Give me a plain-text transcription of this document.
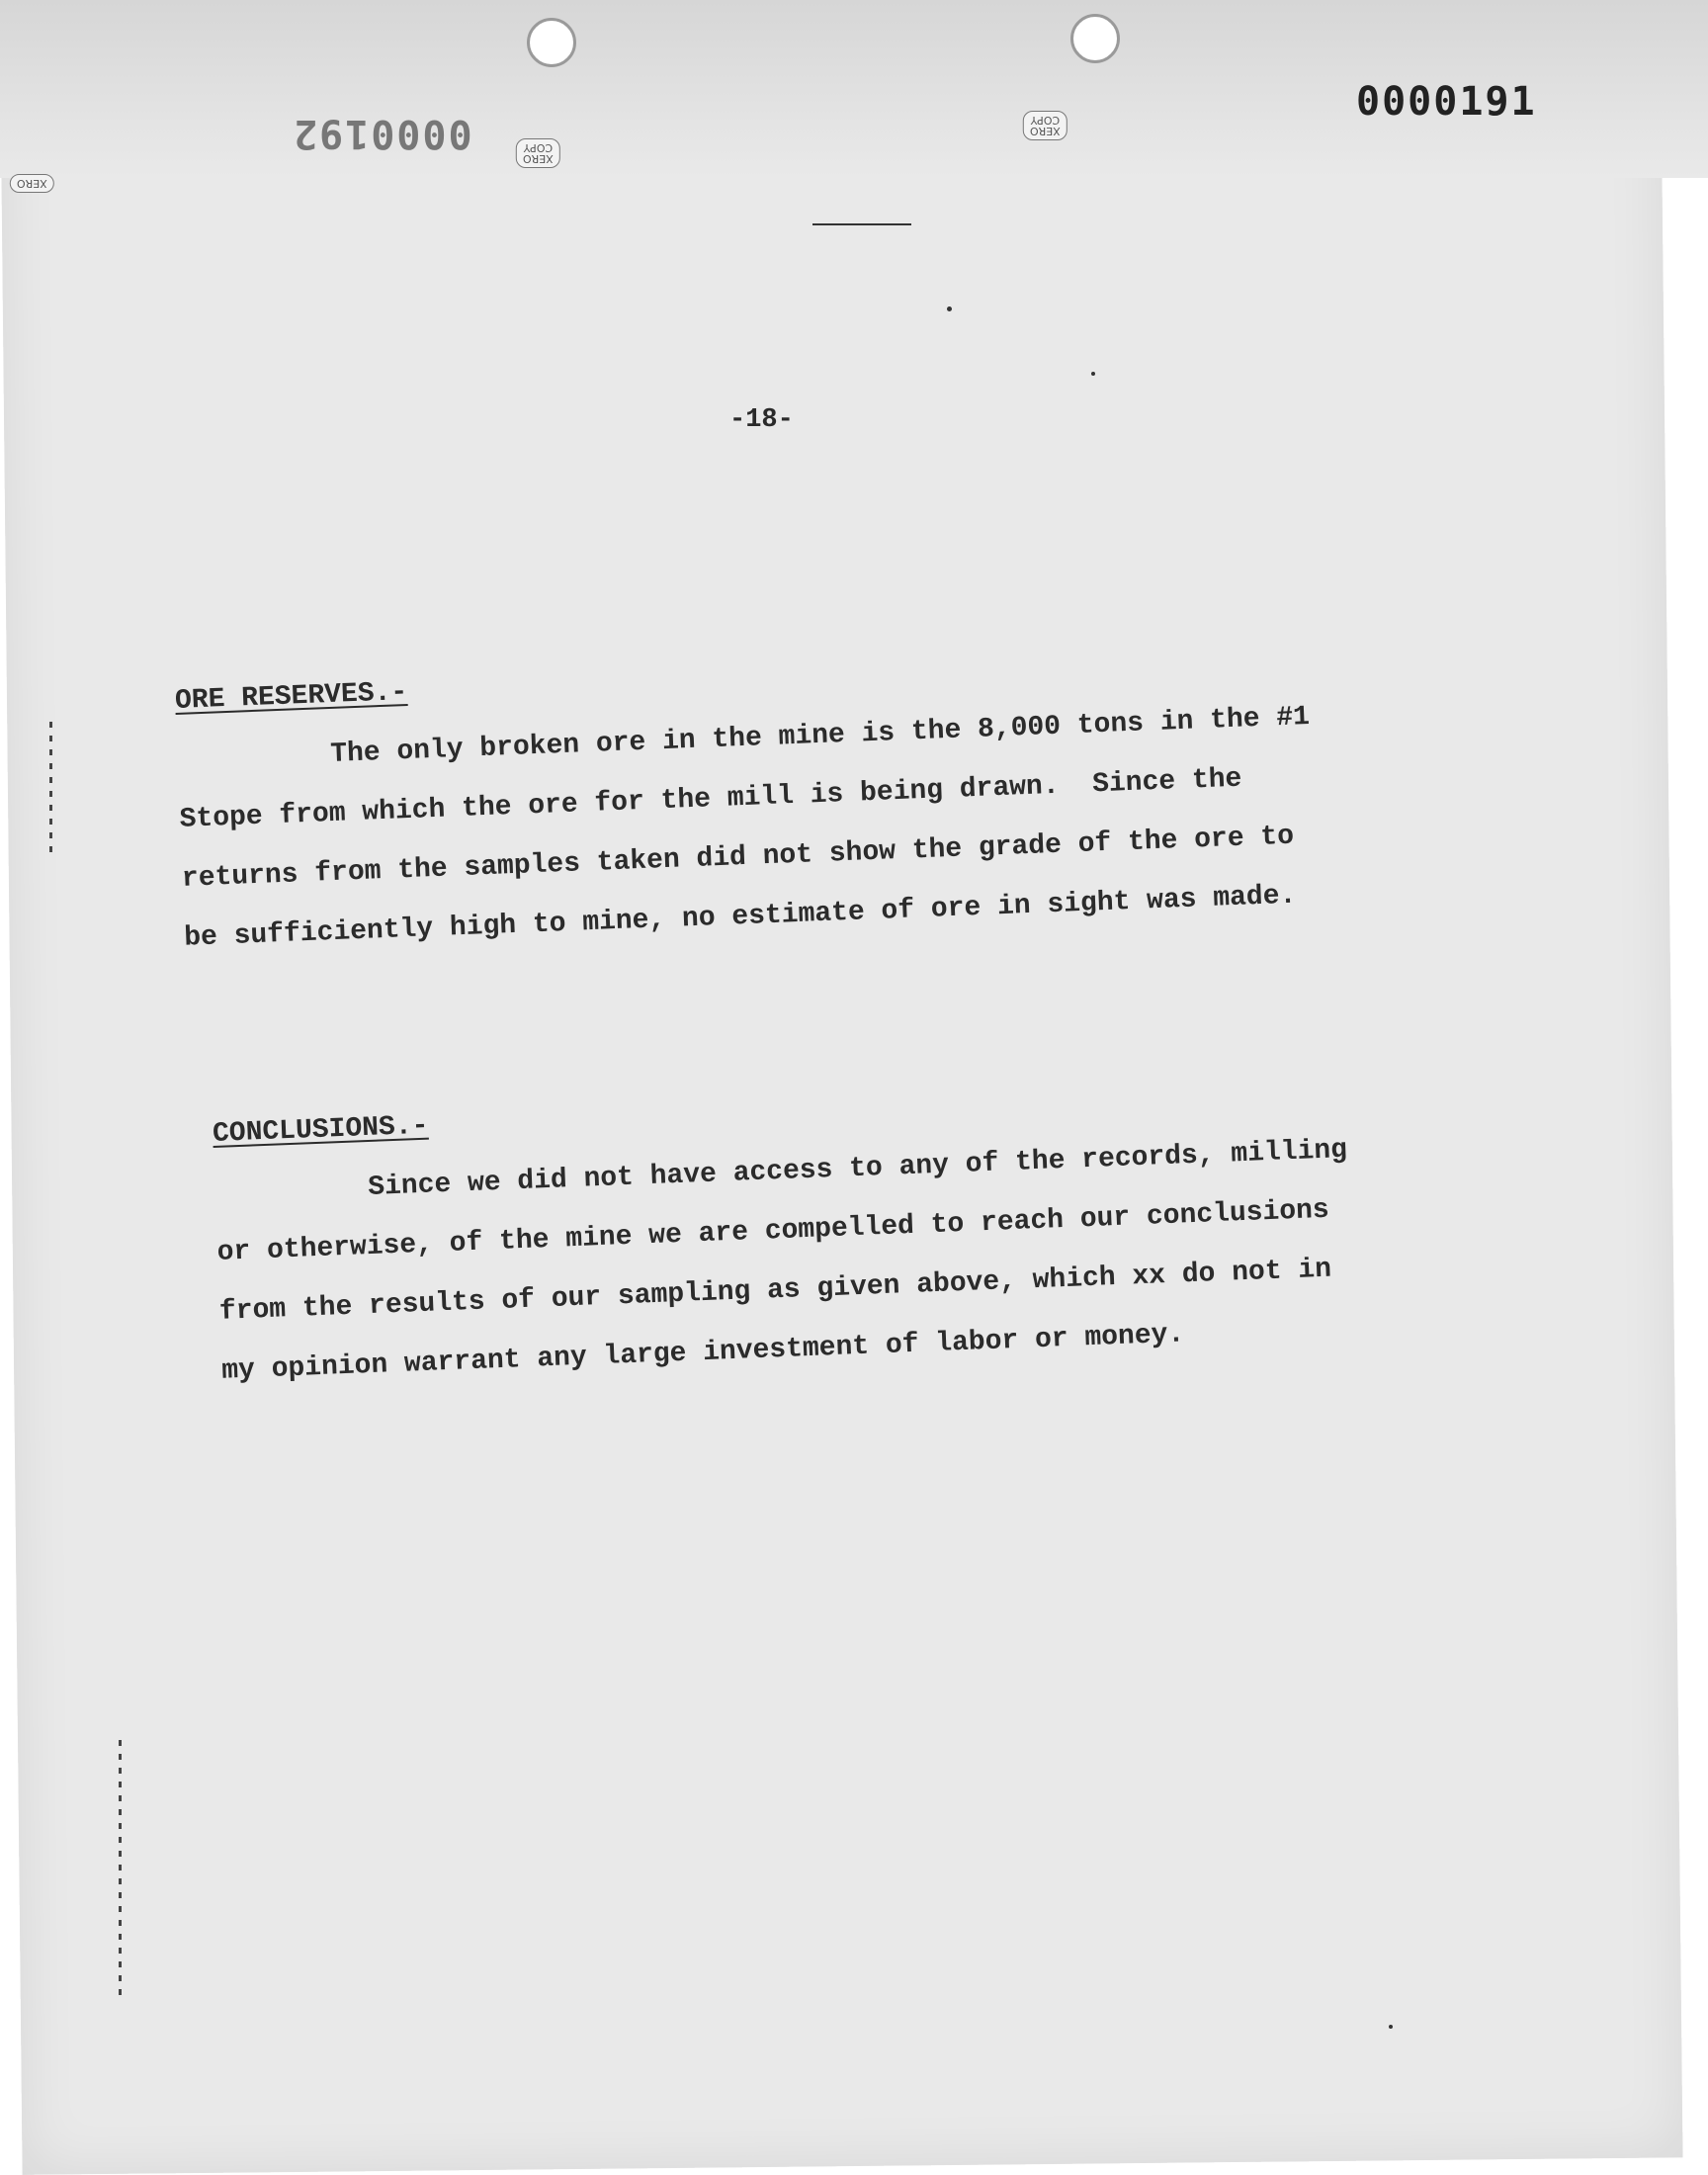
0000191
0000192
XERO
COPY
XERO
COPY
XERO
-18-
ORE RESERVES.-
The only broken ore in the mine is the 8,000 tons in the #1
Stope from which the ore for the mill is being drawn.  Since the
returns from the samples taken did not show the grade of the ore to
be sufficiently high to mine, no estimate of ore in sight was made.
CONCLUSIONS.-
Since we did not have access to any of the records, milling
or otherwise, of the mine we are compelled to reach our conclusions
from the results of our sampling as given above, which xx do not in
my opinion warrant any large investment of labor or money.
